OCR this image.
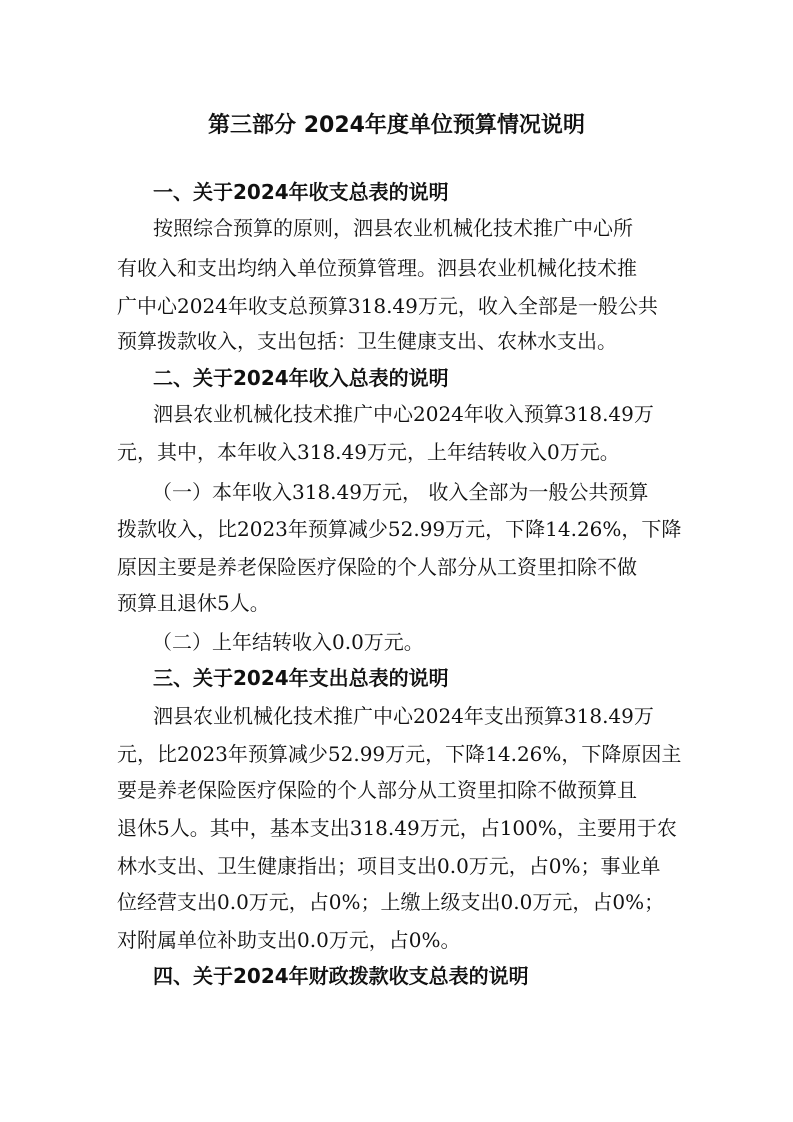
第三部分 2024年度单位预算情况说明
一、关于2024年收支总表的说明
按照综合预算的原则，泗县农业机械化技术推广中心所
有收入和支出均纳入单位预算管理。泗县农业机械化技术推
广中心2024年收支总预算318.49万元，收入全部是一般公共
预算拨款收入，支出包括：卫生健康支出、农林水支出。
二、关于2024年收入总表的说明
泗县农业机械化技术推广中心2024年收入预算318.49万
元，其中，本年收入318.49万元，上年结转收入0万元。
（一）本年收入318.49万元， 收入全部为一般公共预算
拨款收入，比2023年预算减少52.99万元，下降14.26%，下降
原因主要是养老保险医疗保险的个人部分从工资里扣除不做
预算且退休5人。
（二）上年结转收入0.0万元。
三、关于2024年支出总表的说明
泗县农业机械化技术推广中心2024年支出预算318.49万
元，比2023年预算减少52.99万元，下降14.26%，下降原因主
要是养老保险医疗保险的个人部分从工资里扣除不做预算且
退休5人。其中，基本支出318.49万元，占100%，主要用于农
林水支出、卫生健康指出；项目支出0.0万元，占0%；事业单
位经营支出0.0万元，占0%；上缴上级支出0.0万元，占0%；
对附属单位补助支出0.0万元，占0%。
四、关于2024年财政拨款收支总表的说明
